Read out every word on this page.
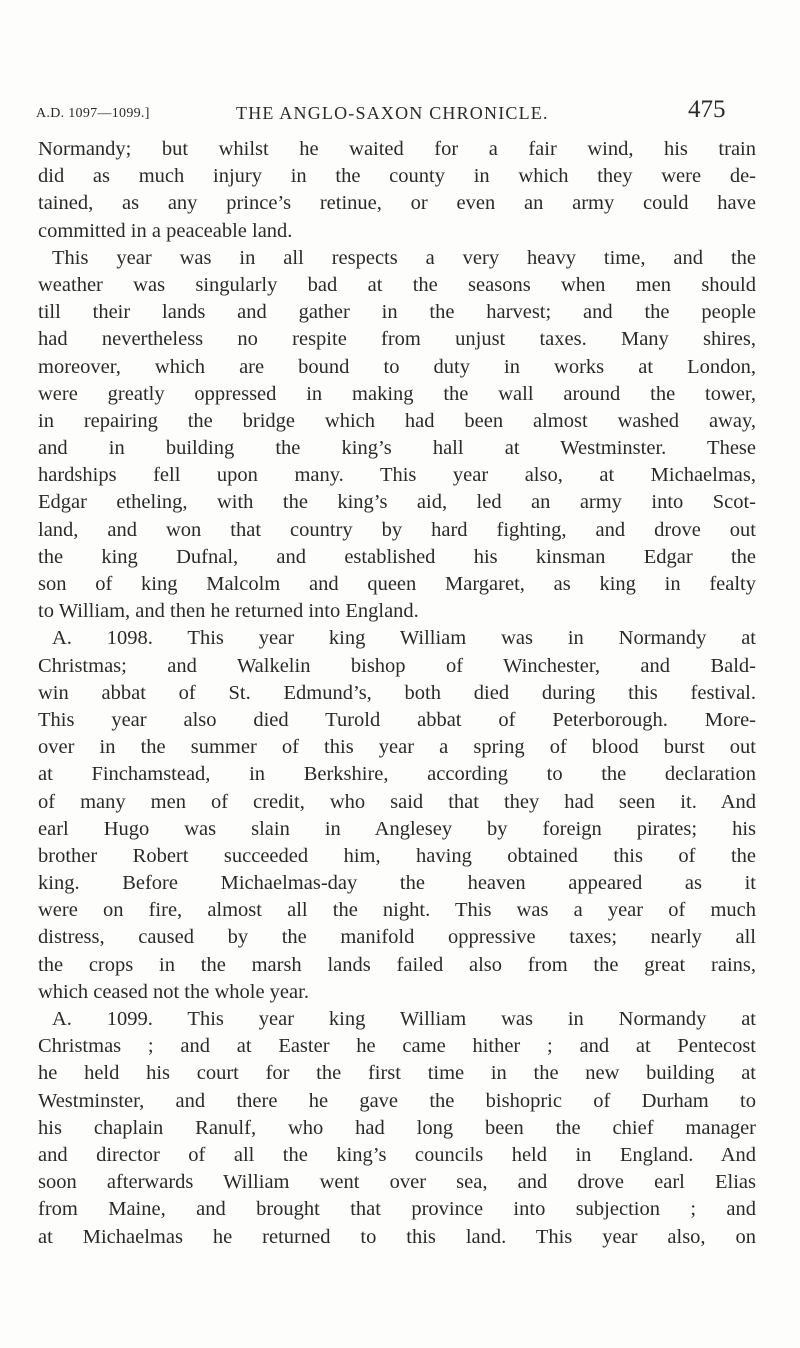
A.D. 1097—1099.]	THE ANGLO-SAXON CHRONICLE.	475
Normandy; but whilst he waited for a fair wind, his train
did as much injury in the county in which they were de-
tained, as any prince’s retinue, or even an army could have
committed in a peaceable land.
This year was in all respects a very heavy time, and the
weather was singularly bad at the seasons when men should
till their lands and gather in the harvest; and the people
had nevertheless no respite from unjust taxes. Many shires,
moreover, which are bound to duty in works at London,
were greatly oppressed in making the wall around the tower,
in repairing the bridge which had been almost washed away,
and in building the king’s hall at Westminster. These
hardships fell upon many. This year also, at Michaelmas,
Edgar etheling, with the king’s aid, led an army into Scot-
land, and won that country by hard fighting, and drove out
the king Dufnal, and established his kinsman Edgar the
son of king Malcolm and queen Margaret, as king in fealty
to William, and then he returned into England.
A. 1098. This year king William was in Normandy at
Christmas; and Walkelin bishop of Winchester, and Bald-
win abbat of St. Edmund’s, both died during this festival.
This year also died Turold abbat of Peterborough. More-
over in the summer of this year a spring of blood burst out
at Finchamstead, in Berkshire, according to the declaration
of many men of credit, who said that they had seen it. And
earl Hugo was slain in Anglesey by foreign pirates; his
brother Robert succeeded him, having obtained this of the
king. Before Michaelmas-day the heaven appeared as it
were on fire, almost all the night. This was a year of much
distress, caused by the manifold oppressive taxes; nearly all
the crops in the marsh lands failed also from the great rains,
which ceased not the whole year.
A. 1099. This year king William was in Normandy at
Christmas ; and at Easter he came hither ; and at Pentecost
he held his court for the first time in the new building at
Westminster, and there he gave the bishopric of Durham to
his chaplain Ranulf, who had long been the chief manager
and director of all the king’s councils held in England. And
soon afterwards William went over sea, and drove earl Elias
from Maine, and brought that province into subjection ; and
at Michaelmas he returned to this land. This year also, on
